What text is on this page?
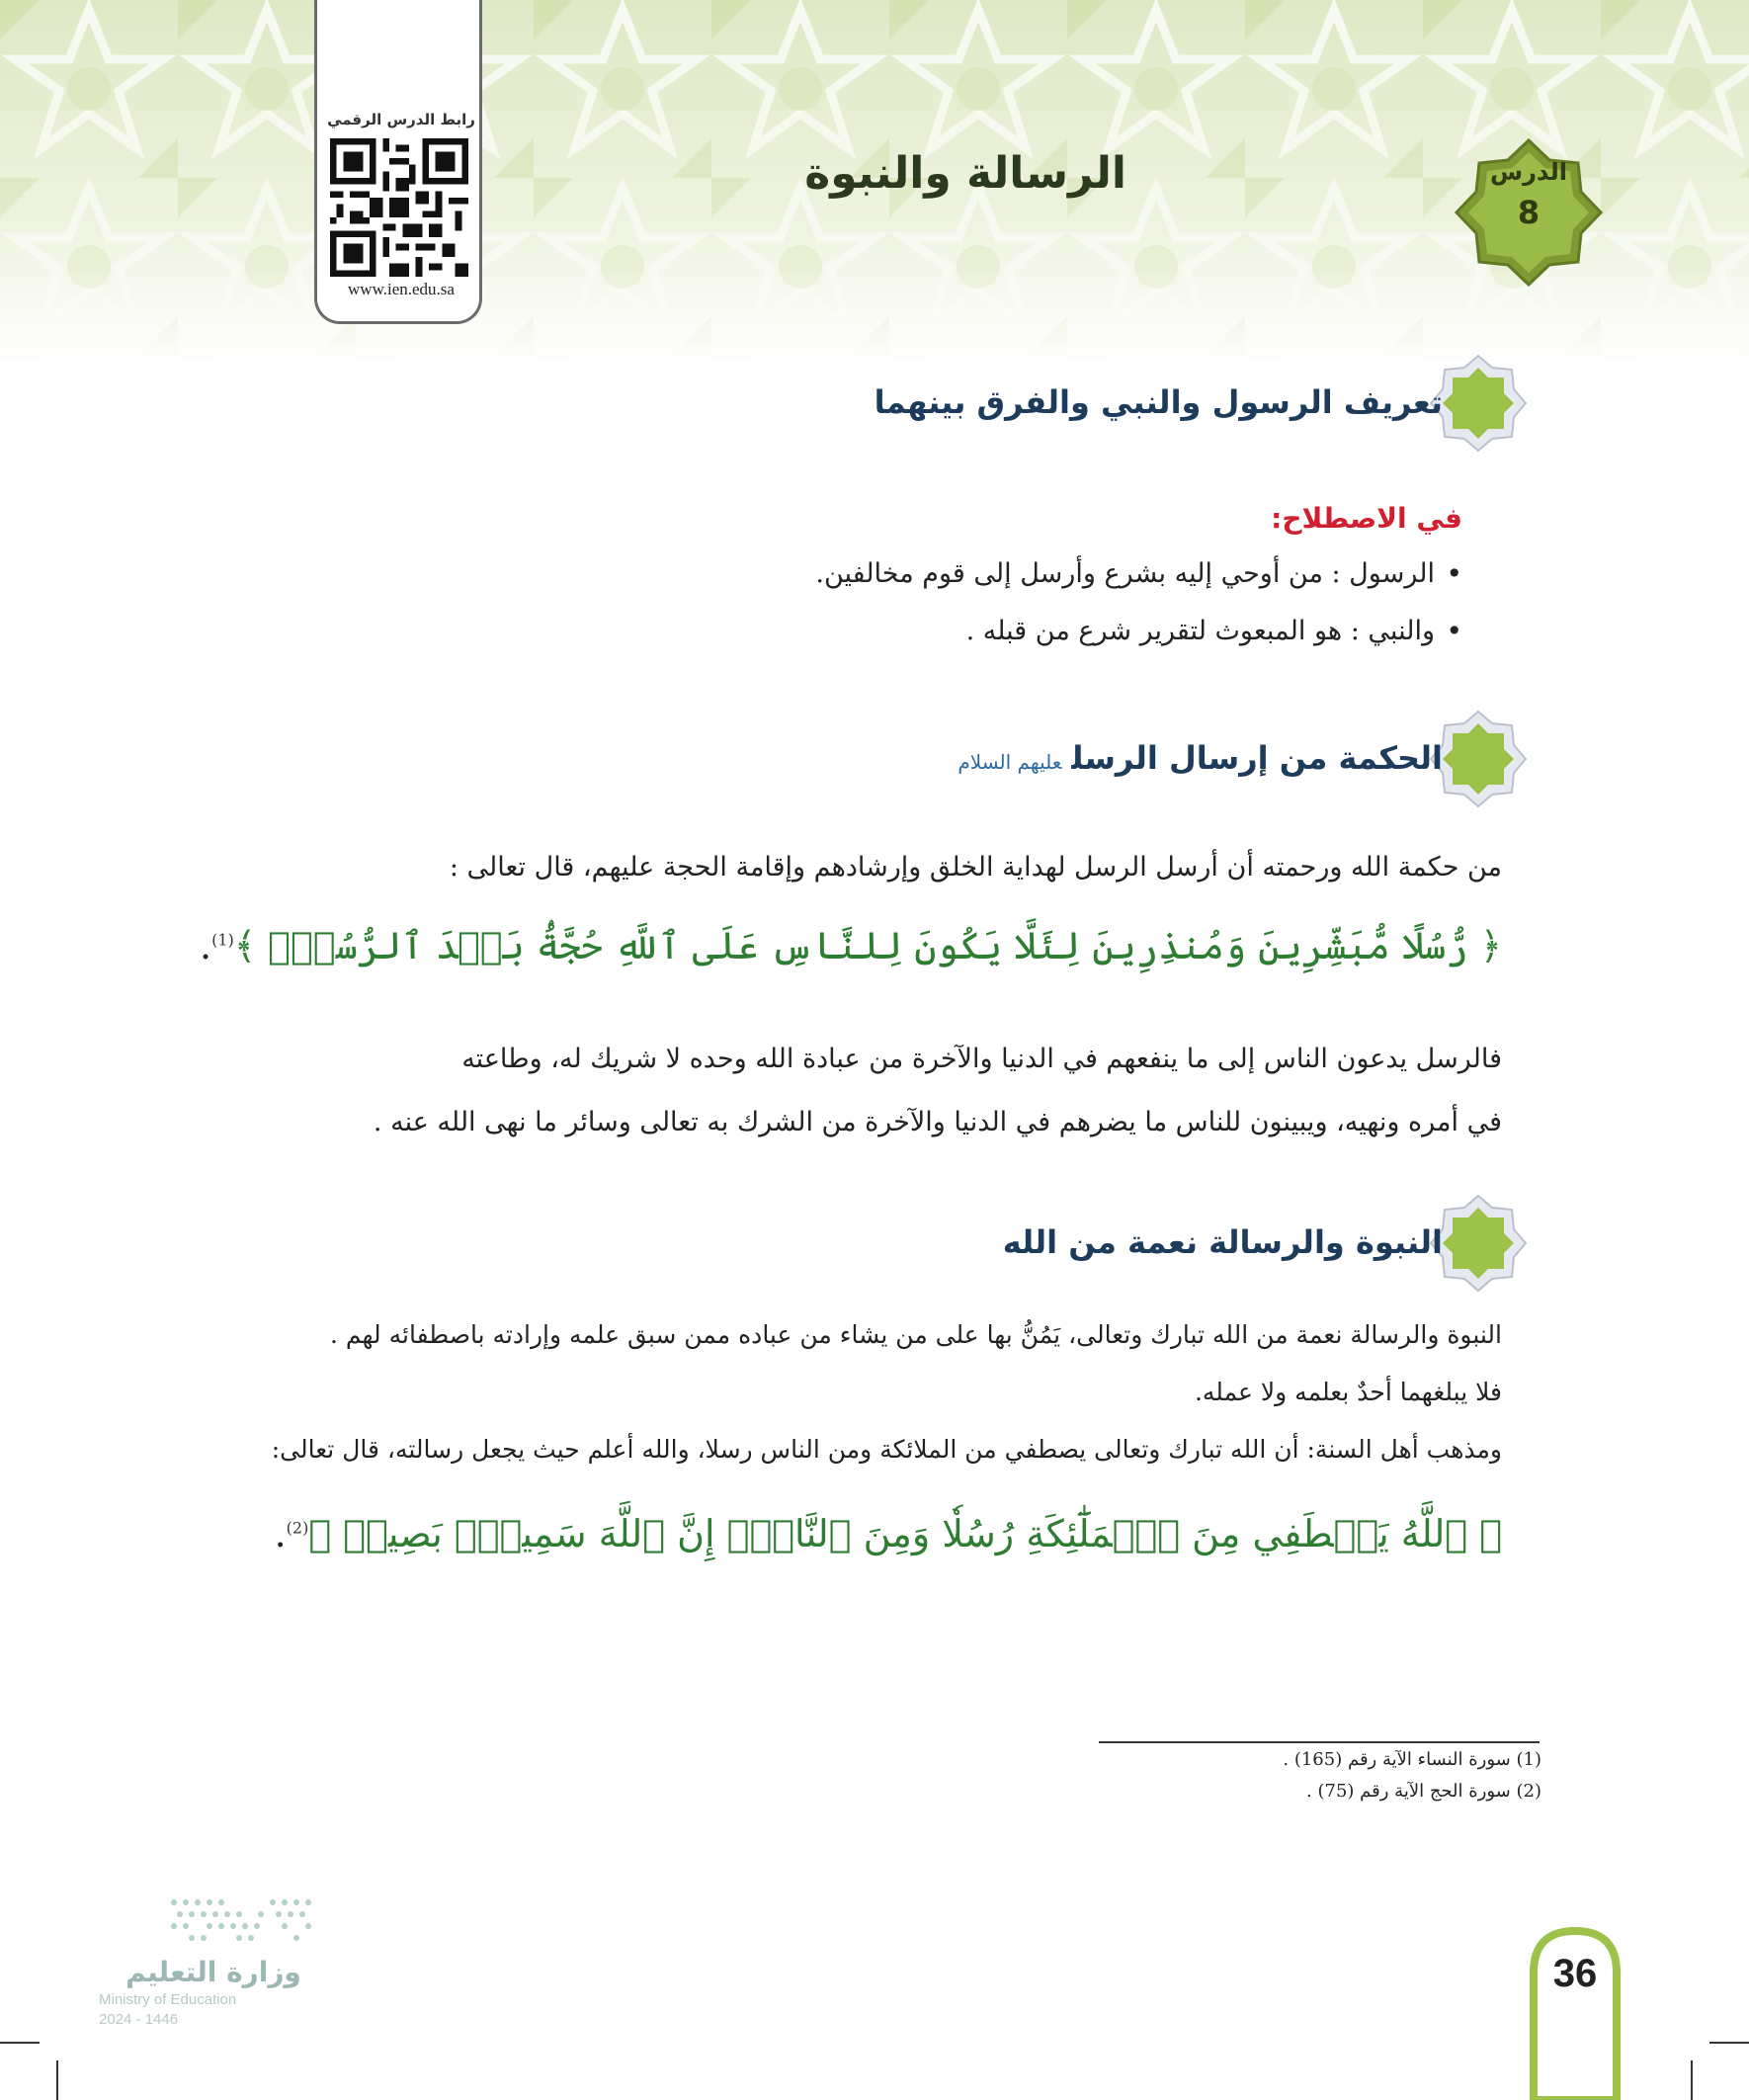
رابط الدرس الرقمي
www.ien.edu.sa
الرسالة والنبوة	الدرس
8
تعريف الرسول والنبي والفرق بينهما
في الاصطلاح:
• الرسول : من أوحي إليه بشرع وأرسل إلى قوم مخالفين.
• والنبي : هو المبعوث لتقرير شرع من قبله .
الحكمة من إرسال الرسلعليهم السلام
من حكمة الله ورحمته أن أرسل الرسل لهداية الخلق وإرشادهم وإقامة الحجة عليهم، قال تعالى :
﴿ رُّسُلًا مُّبَشِّرِينَ وَمُنذِرِينَ لِئَلَّا يَكُونَ لِلنَّاسِ عَلَى ٱللَّهِ حُجَّةُۢ بَعۡدَ ٱلرُّسُلِۚ ﴾$^{(1)}$.
فالرسل يدعون الناس إلى ما ينفعهم في الدنيا والآخرة من عبادة الله وحده لا شريك له، وطاعته
في أمره ونهيه، ويبينون للناس ما يضرهم في الدنيا والآخرة من الشرك به تعالى وسائر ما نهى الله عنه .
النبوة والرسالة نعمة من الله
النبوة والرسالة نعمة من الله تبارك وتعالى، يَمُنُّ بها على من يشاء من عباده ممن سبق علمه وإرادته باصطفائه لهم .
فلا يبلغهما أحدٌ بعلمه ولا عمله.
ومذهب أهل السنة: أن الله تبارك وتعالى يصطفي من الملائكة ومن الناس رسلا، والله أعلم حيث يجعل رسالته، قال تعالى:
﴿ ٱللَّهُ يَصۡطَفِي مِنَ ٱلۡمَلَٰٓئِكَةِ رُسُلٗا وَمِنَ ٱلنَّاسِۚ إِنَّ ٱللَّهَ سَمِيعُۢ بَصِيرٞ ﴾$^{(2)}$.
(1) سورة النساء الآية رقم (165) .
(2) سورة الحج الآية رقم (75) .
وزارة التعليم
Ministry of Education
2024 - 1446
36
